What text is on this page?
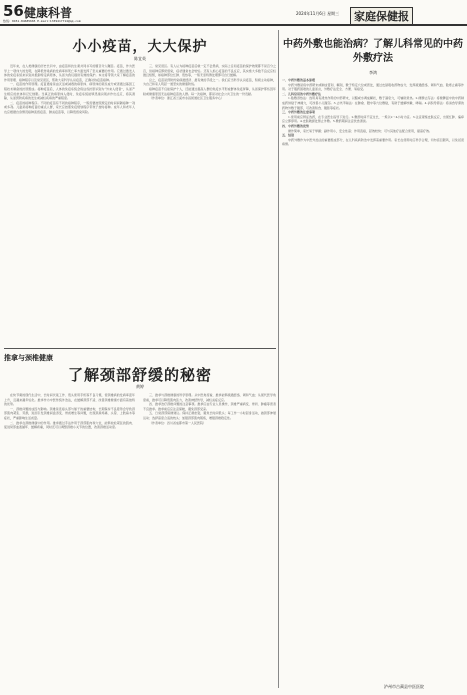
56 健康科普
热线：0451-84685665 E-mail:1339417714@qq.com
2024年11月6日 星期三	家庭保健报
小小疫苗，大大保护
陈宜英

近年来，在人类健康的历史长河中，由疫苗和抗生素共同书写的篇章令人瞩目。疫苗，作为医学上一项伟大的发明，在降低传染病的发病率和死亡率方面发挥了至关重要的作用。它通过激发人体的免疫系统来识别并抵御特定病原体，从而为我们提供有效的保护。本文将带领大家了解疫苗的作用原理、接种程序以及常见误区，帮助大家科学认识疫苗，正确对待疫苗接种。

一、疫苗的作用原理。疫苗通常是由灭活或减毒的病原体、病原体的某些成分或者通过基因工程技术制备的抗原组成。接种疫苗后，人体的免疫系统会将这些抗原识别为“外来入侵者”，从而产生相应的抗体和记忆细胞。当真正的病原体入侵时，免疫系统能够迅速识别并作出反应，将其清除，从而预防疾病的发生或减轻疾病的严重程度。

二、疫苗的接种程序。不同的疫苗有不同的接种程序，一般需要按照规定的时间间隔接种一剂或多剂。儿童是接种疫苗的重点人群，家长应按照免疫规划程序带孩子按时接种。成年人和老年人也应根据自身情况接种流感疫苗、肺炎疫苗等，以降低感染风险。

三、常见误区。有人认为接种疫苗后就一定不会患病，实际上任何疫苗的保护效果都不是百分之百，但接种后即使感染，症状通常也会较轻。还有人担心疫苗的不良反应，其实绝大多数不良反应轻微且短暂，如接种部位红肿、低热等，一般无需特殊处理即可自行缓解。

总之，疫苗是预防传染病最经济、最有效的手段之一。我们应当科学认识疫苗，积极主动接种，为自己和家人筑起一道坚实的健康防线。

接种疫苗不仅能保护个人，还能通过提高人群的免疫水平形成群体免疫屏障，从而保护那些因年龄或健康原因无法接种疫苗的人群。每一次接种，都是对社会公共卫生的一份贡献。

（作者单位：浙江省兰溪市永昌街道社区卫生服务中心）

推拿与颈椎健康
了解颈部舒缓的秘密
黄婷

在快节奏的现代生活中，长时间伏案工作、低头使用手机等不良习惯，使颈椎病的发病率逐年上升，且越来越年轻化。推拿作为中医传统外治法，在缓解颈部不适、改善颈椎健康方面有着独特的优势。

一、颈椎问题的成因与影响。颈椎是连接头部与躯干的重要结构，长期保持不良姿势会导致颈部肌肉紧张、劳损，进而引发颈椎间盘退变、骨质增生等问题，出现颈肩疼痛、头晕、上肢麻木等症状，严重影响生活质量。

二、推拿在颈椎健康中的作用。推拿通过手法作用于颈部肌肉和穴位，能够放松紧张的肌肉、促进局部血液循环、缓解疼痛，同时还可以调整颈椎小关节的位置，改善颈椎活动度。

三、推拿与颈椎健康的科学原理。从中医角度看，推拿能够疏通经络、调和气血；从现代医学角度看，推拿可以降低肌肉张力，改善神经传导，减轻炎症反应。

四、推拿治疗颈椎问题的注意事项。推拿应由专业人员操作，颈椎严重病变、骨折、肿瘤等患者不宜推拿。推拿前后应注意保暖，避免颈部受凉。

五、日常颈部保健建议。保持正确坐姿，避免长时间低头；每工作一小时起身活动，做颈部伸展运动；选择高度合适的枕头；加强颈部肌肉锻炼，增强颈椎稳定性。

（作者单位：四川省成都市第一人民医院）

中药外敷也能治病？了解儿科常见的中药外敷疗法
李鸿

一、中药外敷的基本原理

中药外敷是将中药研末或制成膏剂、糊剂，敷于特定穴位或患处，通过皮肤吸收药物成分，发挥疏通经络、调和气血、散寒止痛等作用。对于服药困难的儿童而言，外敷疗法安全、方便、易接受。

二、儿科常用的中药外敷疗法

1.贴敷退热法：选用具有清热作用的中药研末，以醋或水调成糊状，敷于涌泉穴，可辅助退热。2.健脾止泻法：将健脾温中的中药制成药饼贴于神阙穴，可改善小儿腹泻。3.止咳平喘法：在肺俞、膻中等穴位敷贴，有助于缓解咳嗽、哮喘。4.消积导滞法：将消食导滞的药物外敷于腹部，可改善积食、腹胀等症状。

三、中药外敷的注意事项

1.使用前应辨证选药，在专业医生指导下进行。2.敷药时间不宜过长，一般以2～4小时为宜。3.注意观察皮肤反应，出现红肿、瘙痒应立即停用。4.皮肤破损处禁止外敷。5.敷药期间注意饮食清淡。

四、中药外敷的优势

操作简单，家长易于掌握；副作用小，安全性高；作用直接，起效较快；可与其他疗法配合使用，提高疗效。

五、结语

中药外敷作为中医外治法的重要组成部分，在儿科疾病防治中发挥着重要作用。家长在使用时应科学合理，切勿盲目跟风，以免延误病情。

泸州市古蔺县中医医院
